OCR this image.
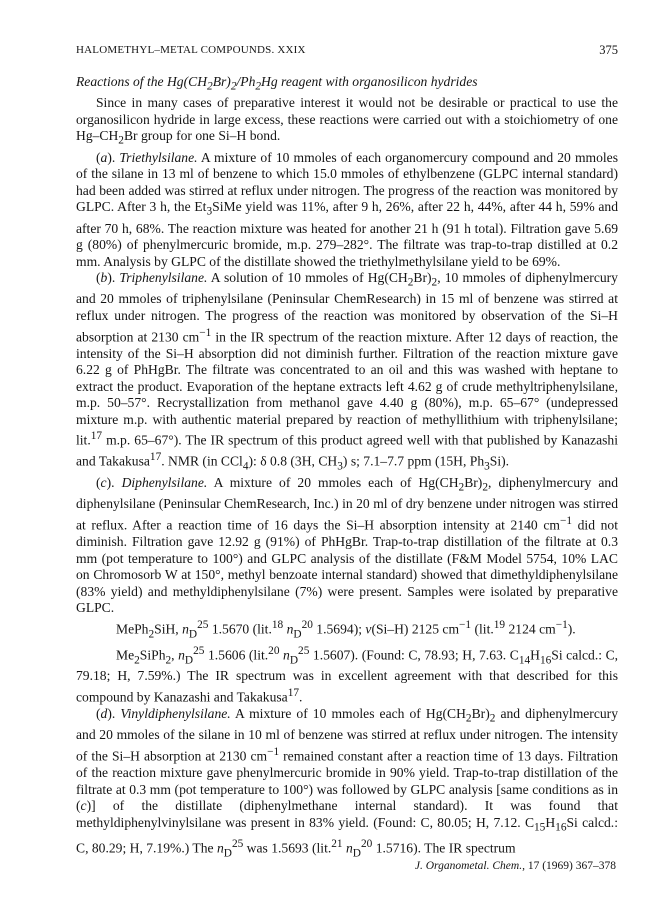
HALOMETHYL–METAL COMPOUNDS. XXIX	375

Reactions of the $Hg(CH_2Br)_2/Ph_2Hg$ reagent with organosilicon hydrides

Since in many cases of preparative interest it would not be desirable or practical to use the organosilicon hydride in large excess, these reactions were carried out with a stoichiometry of one $Hg-CH_2Br$ group for one Si–H bond.

(a). Triethylsilane. A mixture of 10 mmoles of each organomercury compound and 20 mmoles of the silane in 13 ml of benzene to which 15.0 mmoles of ethylbenzene (GLPC internal standard) had been added was stirred at reflux under nitrogen. The progress of the reaction was monitored by GLPC. After 3 h, the $Et_3SiMe$ yield was 11%, after 9 h, 26%, after 22 h, 44%, after 44 h, 59% and after 70 h, 68%. The reaction mixture was heated for another 21 h (91 h total). Filtration gave 5.69 g (80%) of phenylmercuric bromide, m.p. 279–282°. The filtrate was trap-to-trap distilled at 0.2 mm. Analysis by GLPC of the distillate showed the triethylmethylsilane yield to be 69%.

(b). Triphenylsilane. A solution of 10 mmoles of $Hg(CH_2Br)_2$, 10 mmoles of diphenylmercury and 20 mmoles of triphenylsilane (Peninsular ChemResearch) in 15 ml of benzene was stirred at reflux under nitrogen. The progress of the reaction was monitored by observation of the Si–H absorption at 2130 $cm^{-1}$ in the IR spectrum of the reaction mixture. After 12 days of reaction, the intensity of the Si–H absorption did not diminish further. Filtration of the reaction mixture gave 6.22 g of PhHgBr. The filtrate was concentrated to an oil and this was washed with heptane to extract the product. Evaporation of the heptane extracts left 4.62 g of crude methyltriphenylsilane, m.p. 50–57°. Recrystallization from methanol gave 4.40 g (80%), m.p. 65–67° (undepressed mixture m.p. with authentic material prepared by reaction of methyllithium with triphenylsilane; lit.$^{17}$ m.p. 65–67°). The IR spectrum of this product agreed well with that published by Kanazashi and Takakusa$^{17}$. NMR (in CCl$_4$): δ 0.8 (3H, $CH_3$) s; 7.1–7.7 ppm (15H, $Ph_3Si$).

(c). Diphenylsilane. A mixture of 20 mmoles each of $Hg(CH_2Br)_2$, diphenylmercury and diphenylsilane (Peninsular ChemResearch, Inc.) in 20 ml of dry benzene under nitrogen was stirred at reflux. After a reaction time of 16 days the Si–H absorption intensity at 2140 $cm^{-1}$ did not diminish. Filtration gave 12.92 g (91%) of PhHgBr. Trap-to-trap distillation of the filtrate at 0.3 mm (pot temperature to 100°) and GLPC analysis of the distillate (F&M Model 5754, 10% LAC on Chromosorb W at 150°, methyl benzoate internal standard) showed that dimethyldiphenylsilane (83% yield) and methyldiphenylsilane (7%) were present. Samples were isolated by preparative GLPC.

MePh$_2$SiH, $n_D^{25}$ 1.5670 (lit.$^{18}$ $n_D^{20}$ 1.5694); ν(Si–H) 2125 $cm^{-1}$ (lit.$^{19}$ 2124 $cm^{-1}$).

$Me_2SiPh_2$, $n_D^{25}$ 1.5606 (lit.$^{20}$ $n_D^{25}$ 1.5607). (Found: C, 78.93; H, 7.63. $C_{14}H_{16}Si$ calcd.: C, 79.18; H, 7.59%.) The IR spectrum was in excellent agreement with that described for this compound by Kanazashi and Takakusa$^{17}$.

(d). Vinyldiphenylsilane. A mixture of 10 mmoles each of $Hg(CH_2Br)_2$ and diphenylmercury and 20 mmoles of the silane in 10 ml of benzene was stirred at reflux under nitrogen. The intensity of the Si–H absorption at 2130 $cm^{-1}$ remained constant after a reaction time of 13 days. Filtration of the reaction mixture gave phenylmercuric bromide in 90% yield. Trap-to-trap distillation of the filtrate at 0.3 mm (pot temperature to 100°) was followed by GLPC analysis [same conditions as in (c)] of the distillate (diphenylmethane internal standard). It was found that methyldiphenylvinylsilane was present in 83% yield. (Found: C, 80.05; H, 7.12. $C_{15}H_{16}Si$ calcd.: C, 80.29; H, 7.19%.) The $n_D^{25}$ was 1.5693 (lit.$^{21}$ $n_D^{20}$ 1.5716). The IR spectrum

J. Organometal. Chem., 17 (1969) 367–378
